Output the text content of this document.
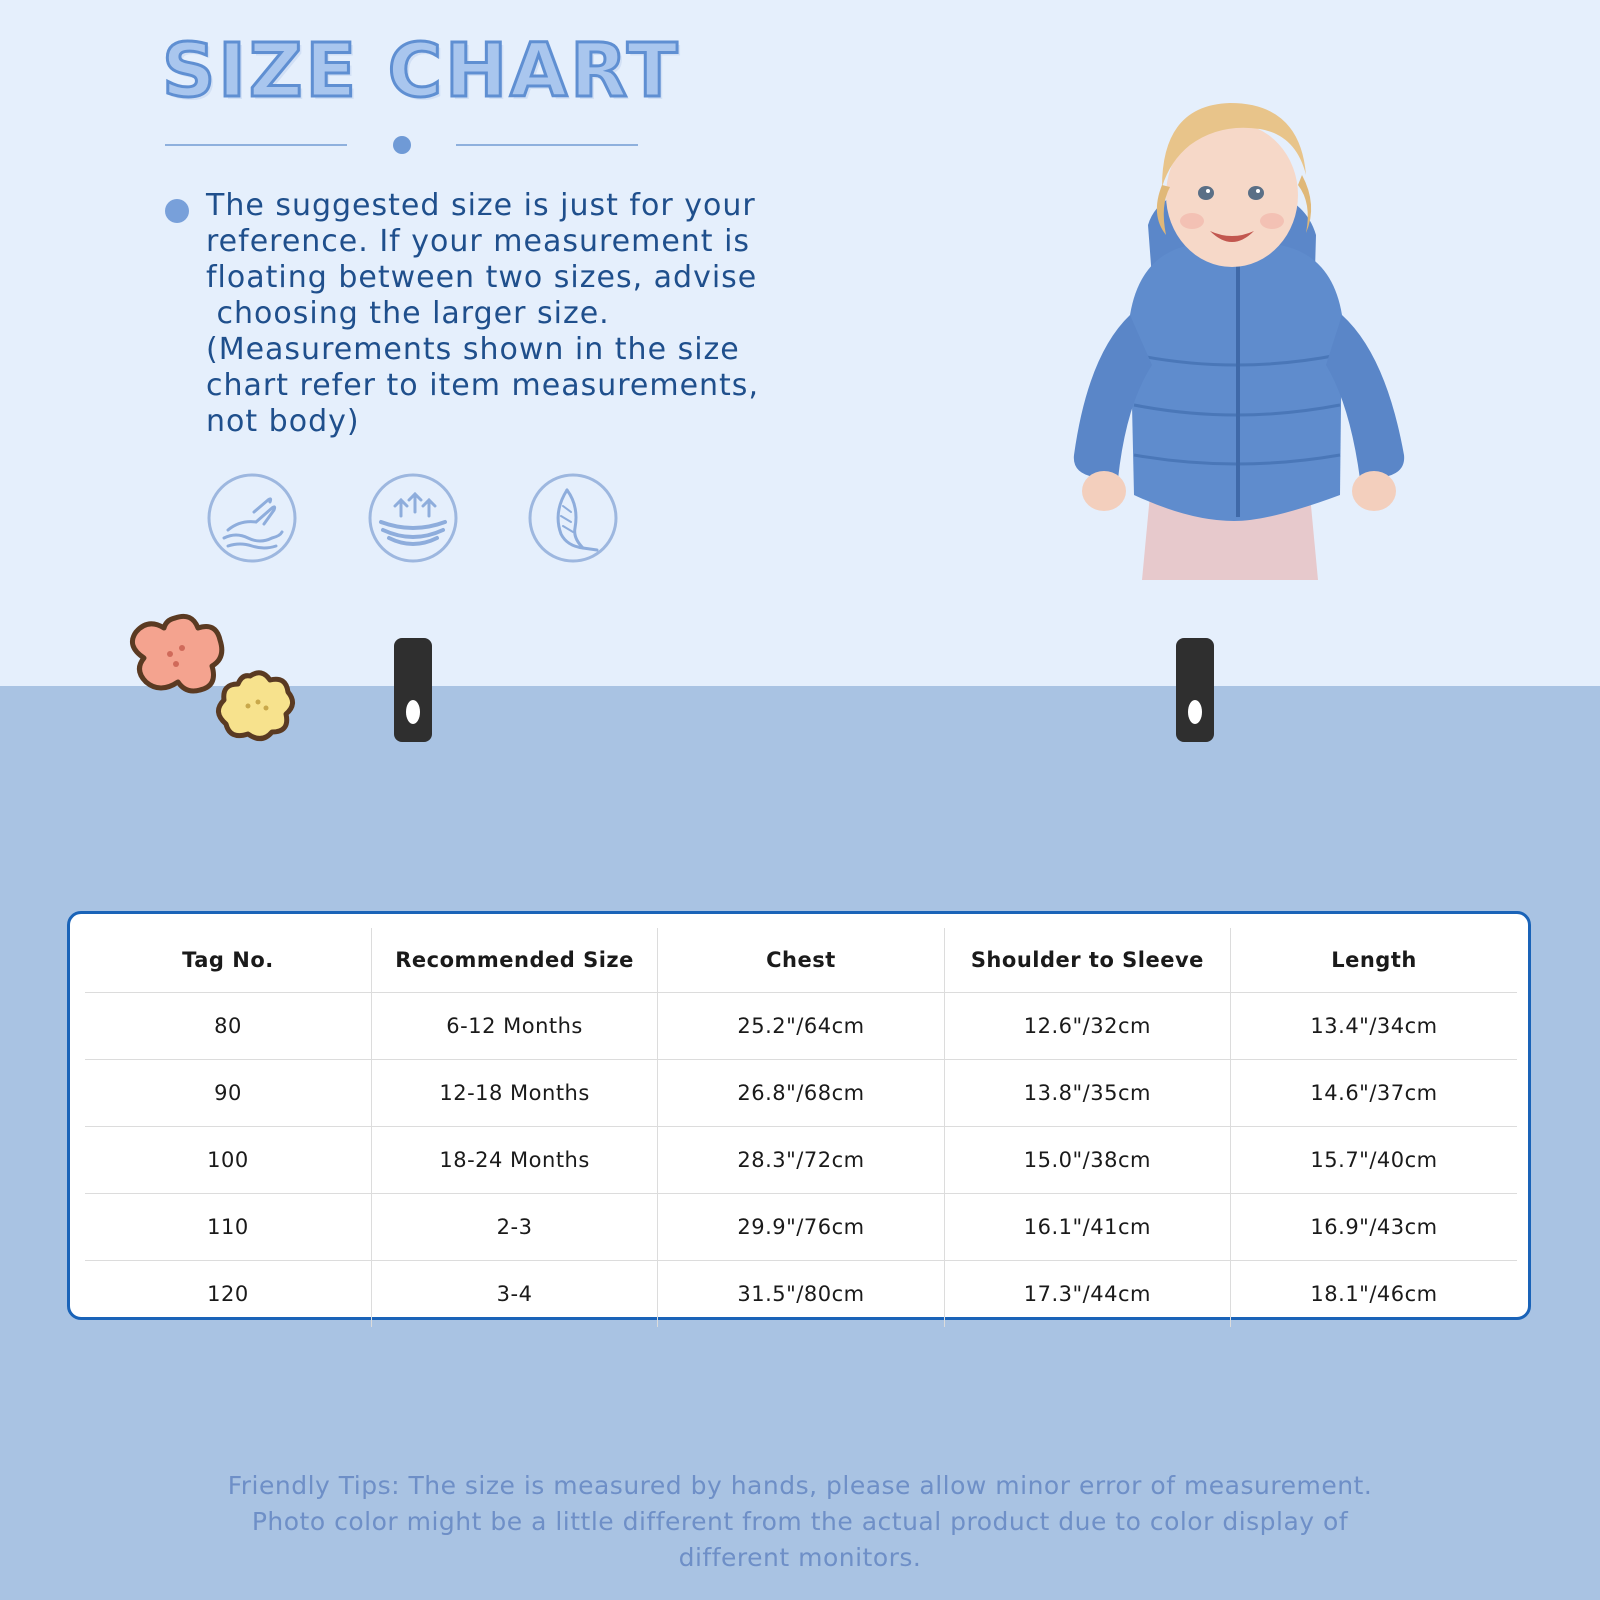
SIZE CHART
The suggested size is just for your
reference. If your measurement is
floating between two sizes, advise
choosing the larger size.
(Measurements shown in the size
chart refer to item measurements,
not body)
Tag No.	Recommended Size	Chest	Shoulder to Sleeve	Length
80	6-12 Months	25.2"/64cm	12.6"/32cm	13.4"/34cm
90	12-18 Months	26.8"/68cm	13.8"/35cm	14.6"/37cm
100	18-24 Months	28.3"/72cm	15.0"/38cm	15.7"/40cm
110	2-3	29.9"/76cm	16.1"/41cm	16.9"/43cm
120	3-4	31.5"/80cm	17.3"/44cm	18.1"/46cm
Friendly Tips: The size is measured by hands, please allow minor error of measurement.
Photo color might be a little different from the actual product due to color display of
different monitors.
